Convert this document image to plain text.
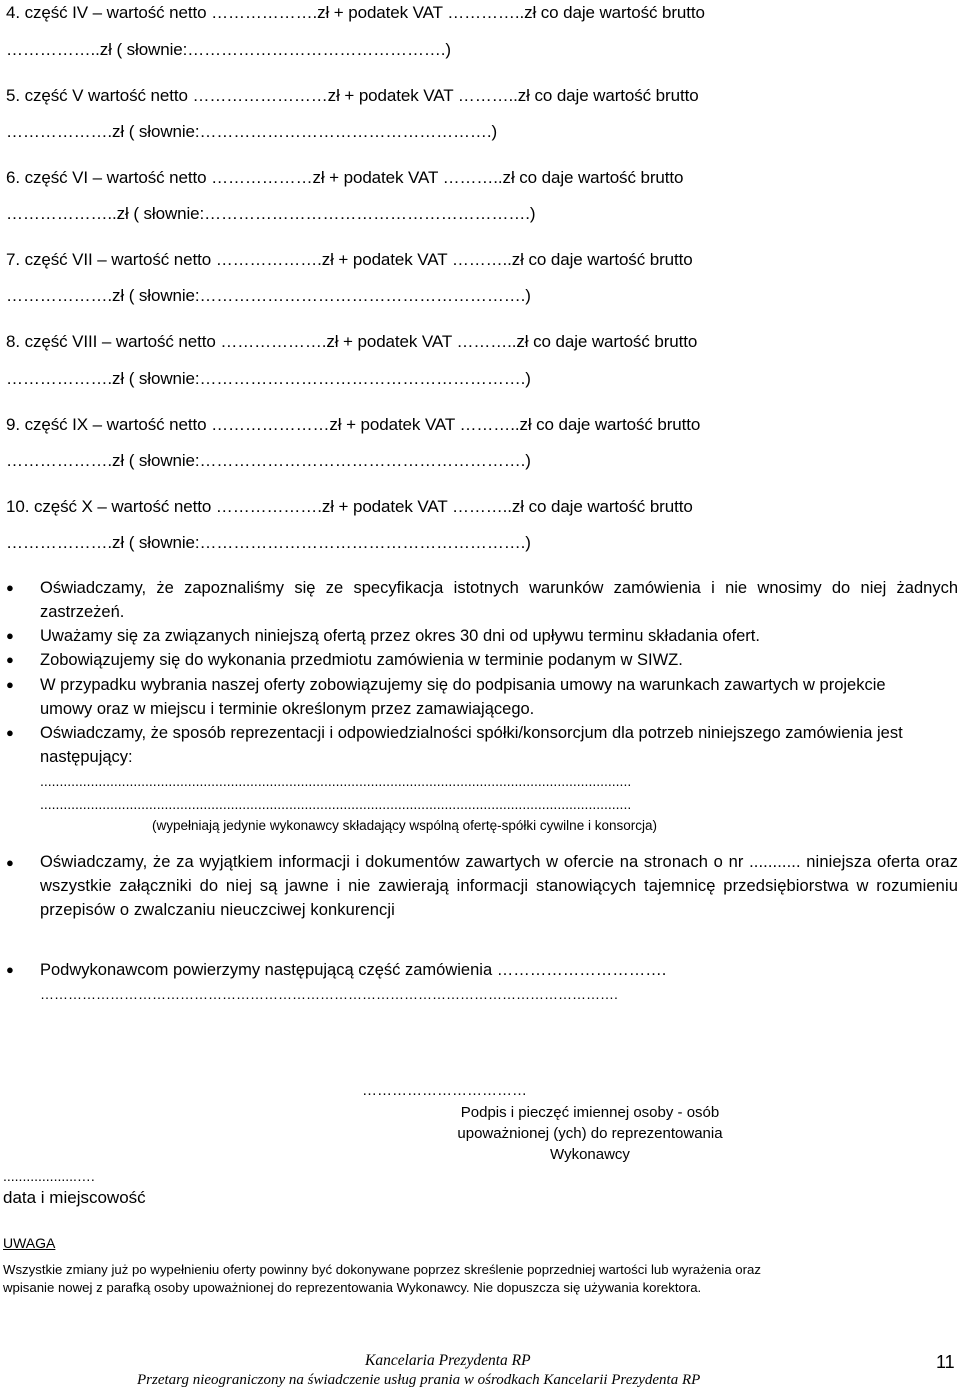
4. część IV – wartość netto ……………….zł + podatek VAT …………..zł co daje wartość brutto
……………..zł ( słownie:……………………………………….)
5. część V wartość netto ……………………zł + podatek VAT ………..zł co daje wartość brutto
……………….zł ( słownie:…………………………………………….)
6. część VI – wartość netto ………………zł + podatek VAT ………..zł co daje wartość brutto
………………..zł ( słownie:………………………………………………….)
7. część VII – wartość netto ……………….zł + podatek VAT ………..zł co daje wartość brutto
……………….zł ( słownie:………………………………………………….)
8. część VIII – wartość netto ……………….zł + podatek VAT ………..zł co daje wartość brutto
……………….zł ( słownie:………………………………………………….)
9. część IX – wartość netto …………………zł + podatek VAT ………..zł co daje wartość brutto
……………….zł ( słownie:………………………………………………….)
10. część X – wartość netto ……………….zł + podatek VAT ………..zł co daje wartość brutto
……………….zł ( słownie:………………………………………………….)
● Oświadczamy, że zapoznaliśmy się ze specyfikacja istotnych warunków zamówienia i nie wnosimy do niej żadnych zastrzeżeń.
● Uważamy się za związanych niniejszą ofertą przez okres 30 dni od upływu terminu składania ofert.
● Zobowiązujemy się do wykonania przedmiotu zamówienia w terminie podanym w SIWZ.
● W przypadku wybrania naszej oferty zobowiązujemy się do podpisania umowy na warunkach zawartych w projekcie umowy oraz w miejscu i terminie określonym przez zamawiającego.
● Oświadczamy, że sposób reprezentacji i odpowiedzialności spółki/konsorcjum dla potrzeb niniejszego zamówienia jest następujący:
........................................................................................................................................................
........................................................................................................................................................
(wypełniają jedynie wykonawcy składający wspólną ofertę-spółki cywilne i konsorcja)
● Oświadczamy, że za wyjątkiem informacji i dokumentów zawartych w ofercie na stronach o nr ........... niniejsza oferta oraz wszystkie załączniki do niej są jawne i nie zawierają informacji stanowiących tajemnicę przedsiębiorstwa w rozumieniu przepisów o zwalczaniu nieuczciwej konkurencji
● Podwykonawcom powierzymy następującą część zamówienia ………………………….
…………………………………………………………………………………………………………….
……………………………
Podpis i pieczęć imiennej osoby - osób
upoważnionej (ych) do reprezentowania
Wykonawcy
...................….
data i miejscowość
UWAGA
Wszystkie zmiany już po wypełnieniu oferty powinny być dokonywane poprzez skreślenie poprzedniej wartości lub wyrażenia oraz
wpisanie nowej z parafką osoby upoważnionej do reprezentowania Wykonawcy. Nie dopuszcza się używania korektora.
Kancelaria Prezydenta RP
Przetarg nieograniczony na świadczenie usług prania w ośrodkach Kancelarii Prezydenta RP
11
